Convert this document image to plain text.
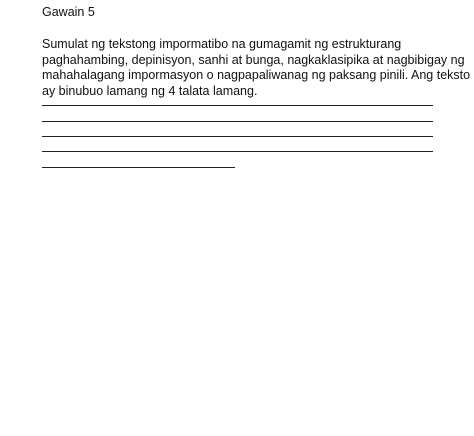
Gawain 5
Sumulat ng tekstong impormatibo na gumagamit ng estrukturang
paghahambing, depinisyon, sanhi at bunga, nagkaklasipika at nagbibigay ng
mahahalagang impormasyon o nagpapaliwanag ng paksang pinili. Ang teksto
ay binubuo lamang ng 4 talata lamang.
